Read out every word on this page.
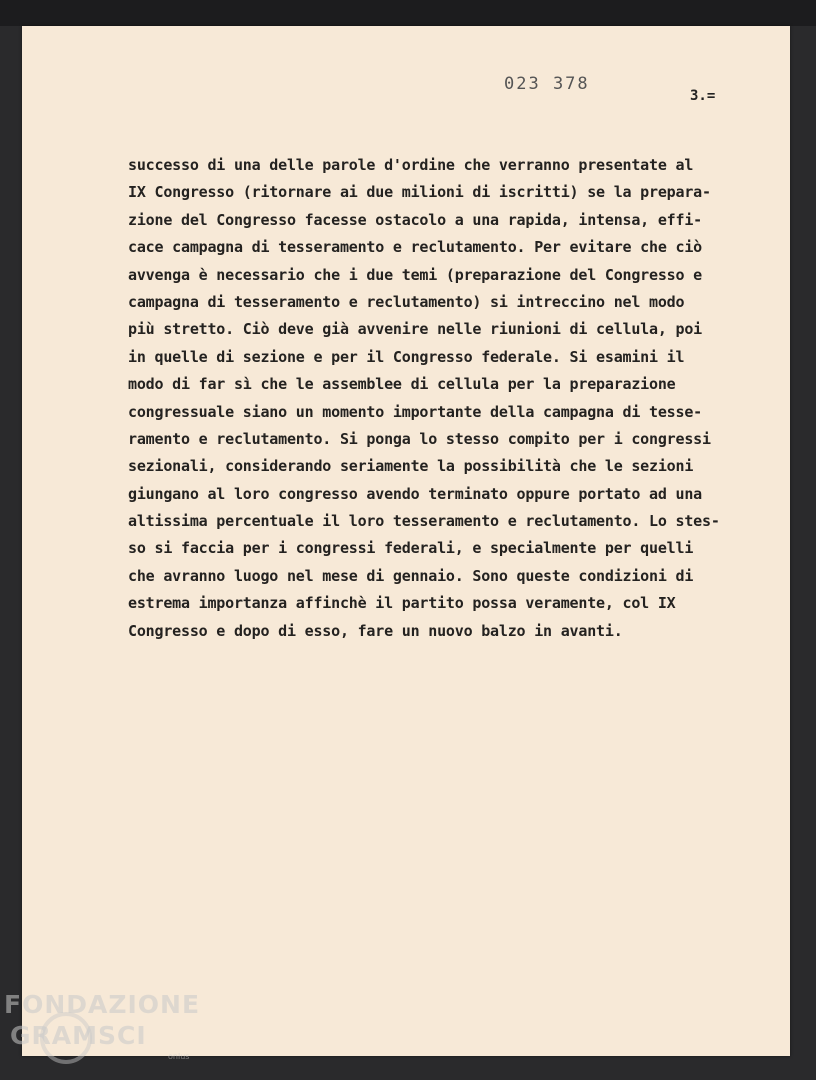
023 378
3.=
successo di una delle parole d'ordine che verranno presentate al
IX Congresso (ritornare ai due milioni di iscritti) se la prepara-
zione del Congresso facesse ostacolo a una rapida, intensa, effi-
cace campagna di tesseramento e reclutamento. Per evitare che ciò
avvenga è necessario che i due temi (preparazione del Congresso e
campagna di tesseramento e reclutamento) si intreccino nel modo
più stretto. Ciò deve già avvenire nelle riunioni di cellula, poi
in quelle di sezione e per il Congresso federale. Si esamini il
modo di far sì che le assemblee di cellula per la preparazione
congressuale siano un momento importante della campagna di tesse-
ramento e reclutamento. Si ponga lo stesso compito per i congressi
sezionali, considerando seriamente la possibilità che le sezioni
giungano al loro congresso avendo terminato oppure portato ad una
altissima percentuale il loro tesseramento e reclutamento. Lo stes-
so si faccia per i congressi federali, e specialmente per quelli
che avranno luogo nel mese di gennaio. Sono queste condizioni di
estrema importanza affinchè il partito possa veramente, col IX
Congresso e dopo di esso, fare un nuovo balzo in avanti.
FONDAZIONE
GRAMSCI
onlus
